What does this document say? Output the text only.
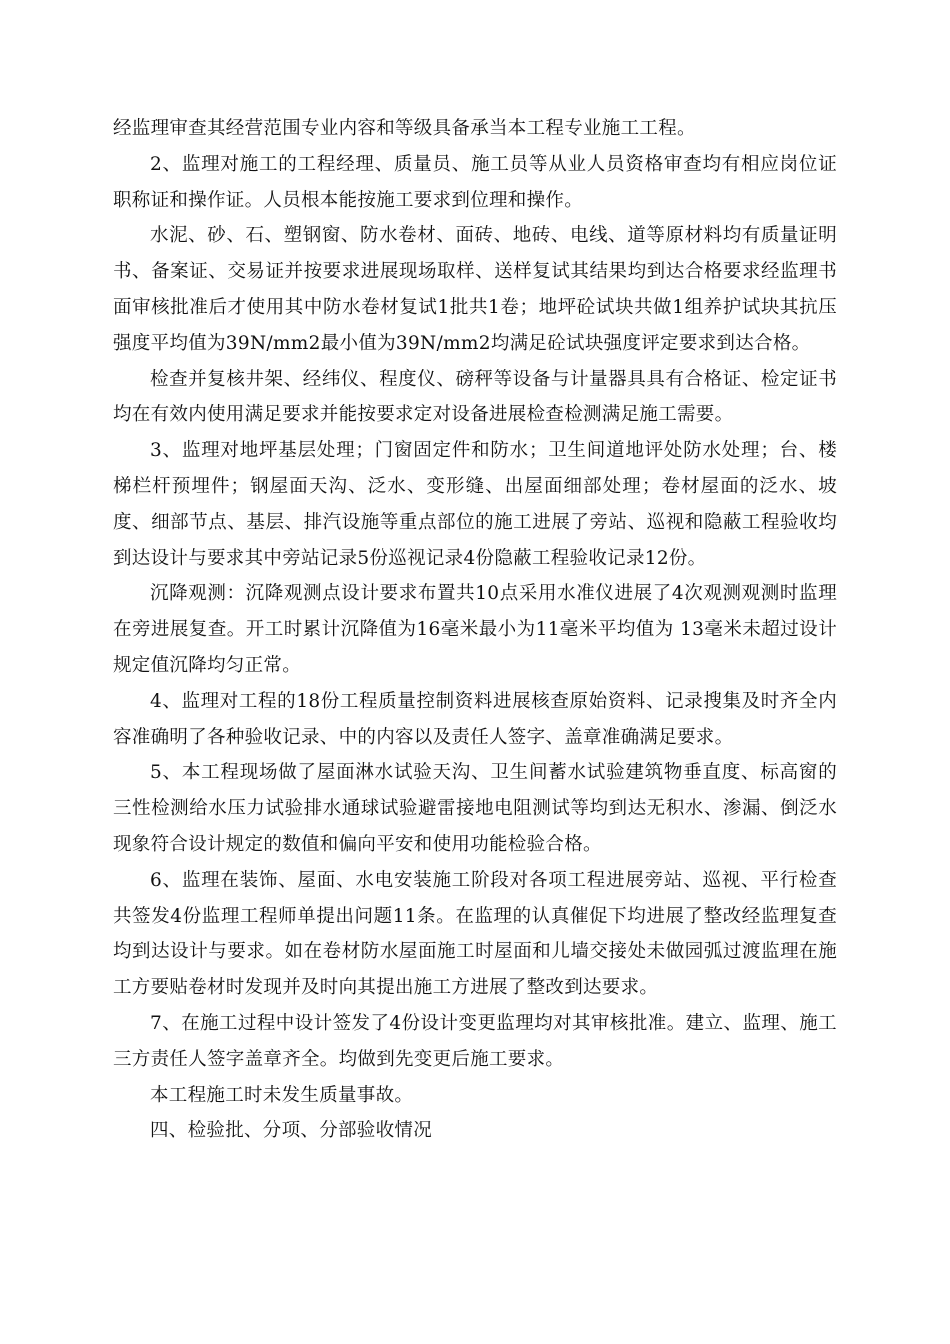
经监理审查其经营范围专业内容和等级具备承当本工程专业施工工程。

2、监理对施工的工程经理、质量员、施工员等从业人员资格审查均有相应岗位证职称证和操作证。人员根本能按施工要求到位理和操作。

水泥、砂、石、塑钢窗、防水卷材、面砖、地砖、电线、道等原材料均有质量证明书、备案证、交易证并按要求进展现场取样、送样复试其结果均到达合格要求经监理书面审核批准后才使用其中防水卷材复试1批共1卷；地坪砼试块共做1组养护试块其抗压强度平均值为39N/mm2最小值为39N/mm2均满足砼试块强度评定要求到达合格。

检查并复核井架、经纬仪、程度仪、磅秤等设备与计量器具具有合格证、检定证书均在有效内使用满足要求并能按要求定对设备进展检查检测满足施工需要。

3、监理对地坪基层处理；门窗固定件和防水；卫生间道地评处防水处理；台、楼梯栏杆预埋件；钢屋面天沟、泛水、变形缝、出屋面细部处理；卷材屋面的泛水、坡度、细部节点、基层、排汽设施等重点部位的施工进展了旁站、巡视和隐蔽工程验收均到达设计与要求其中旁站记录5份巡视记录4份隐蔽工程验收记录12份。

沉降观测：沉降观测点设计要求布置共10点采用水准仪进展了4次观测观测时监理在旁进展复查。开工时累计沉降值为16毫米最小为11毫米平均值为 13毫米未超过设计规定值沉降均匀正常。

4、监理对工程的18份工程质量控制资料进展核查原始资料、记录搜集及时齐全内容准确明了各种验收记录、中的内容以及责任人签字、盖章准确满足要求。

5、本工程现场做了屋面淋水试验天沟、卫生间蓄水试验建筑物垂直度、标高窗的三性检测给水压力试验排水通球试验避雷接地电阻测试等均到达无积水、渗漏、倒泛水现象符合设计规定的数值和偏向平安和使用功能检验合格。

6、监理在装饰、屋面、水电安装施工阶段对各项工程进展旁站、巡视、平行检查共签发4份监理工程师单提出问题11条。在监理的认真催促下均进展了整改经监理复查均到达设计与要求。如在卷材防水屋面施工时屋面和儿墙交接处未做园弧过渡监理在施工方要贴卷材时发现并及时向其提出施工方进展了整改到达要求。

7、在施工过程中设计签发了4份设计变更监理均对其审核批准。建立、监理、施工三方责任人签字盖章齐全。均做到先变更后施工要求。

本工程施工时未发生质量事故。

四、检验批、分项、分部验收情况
